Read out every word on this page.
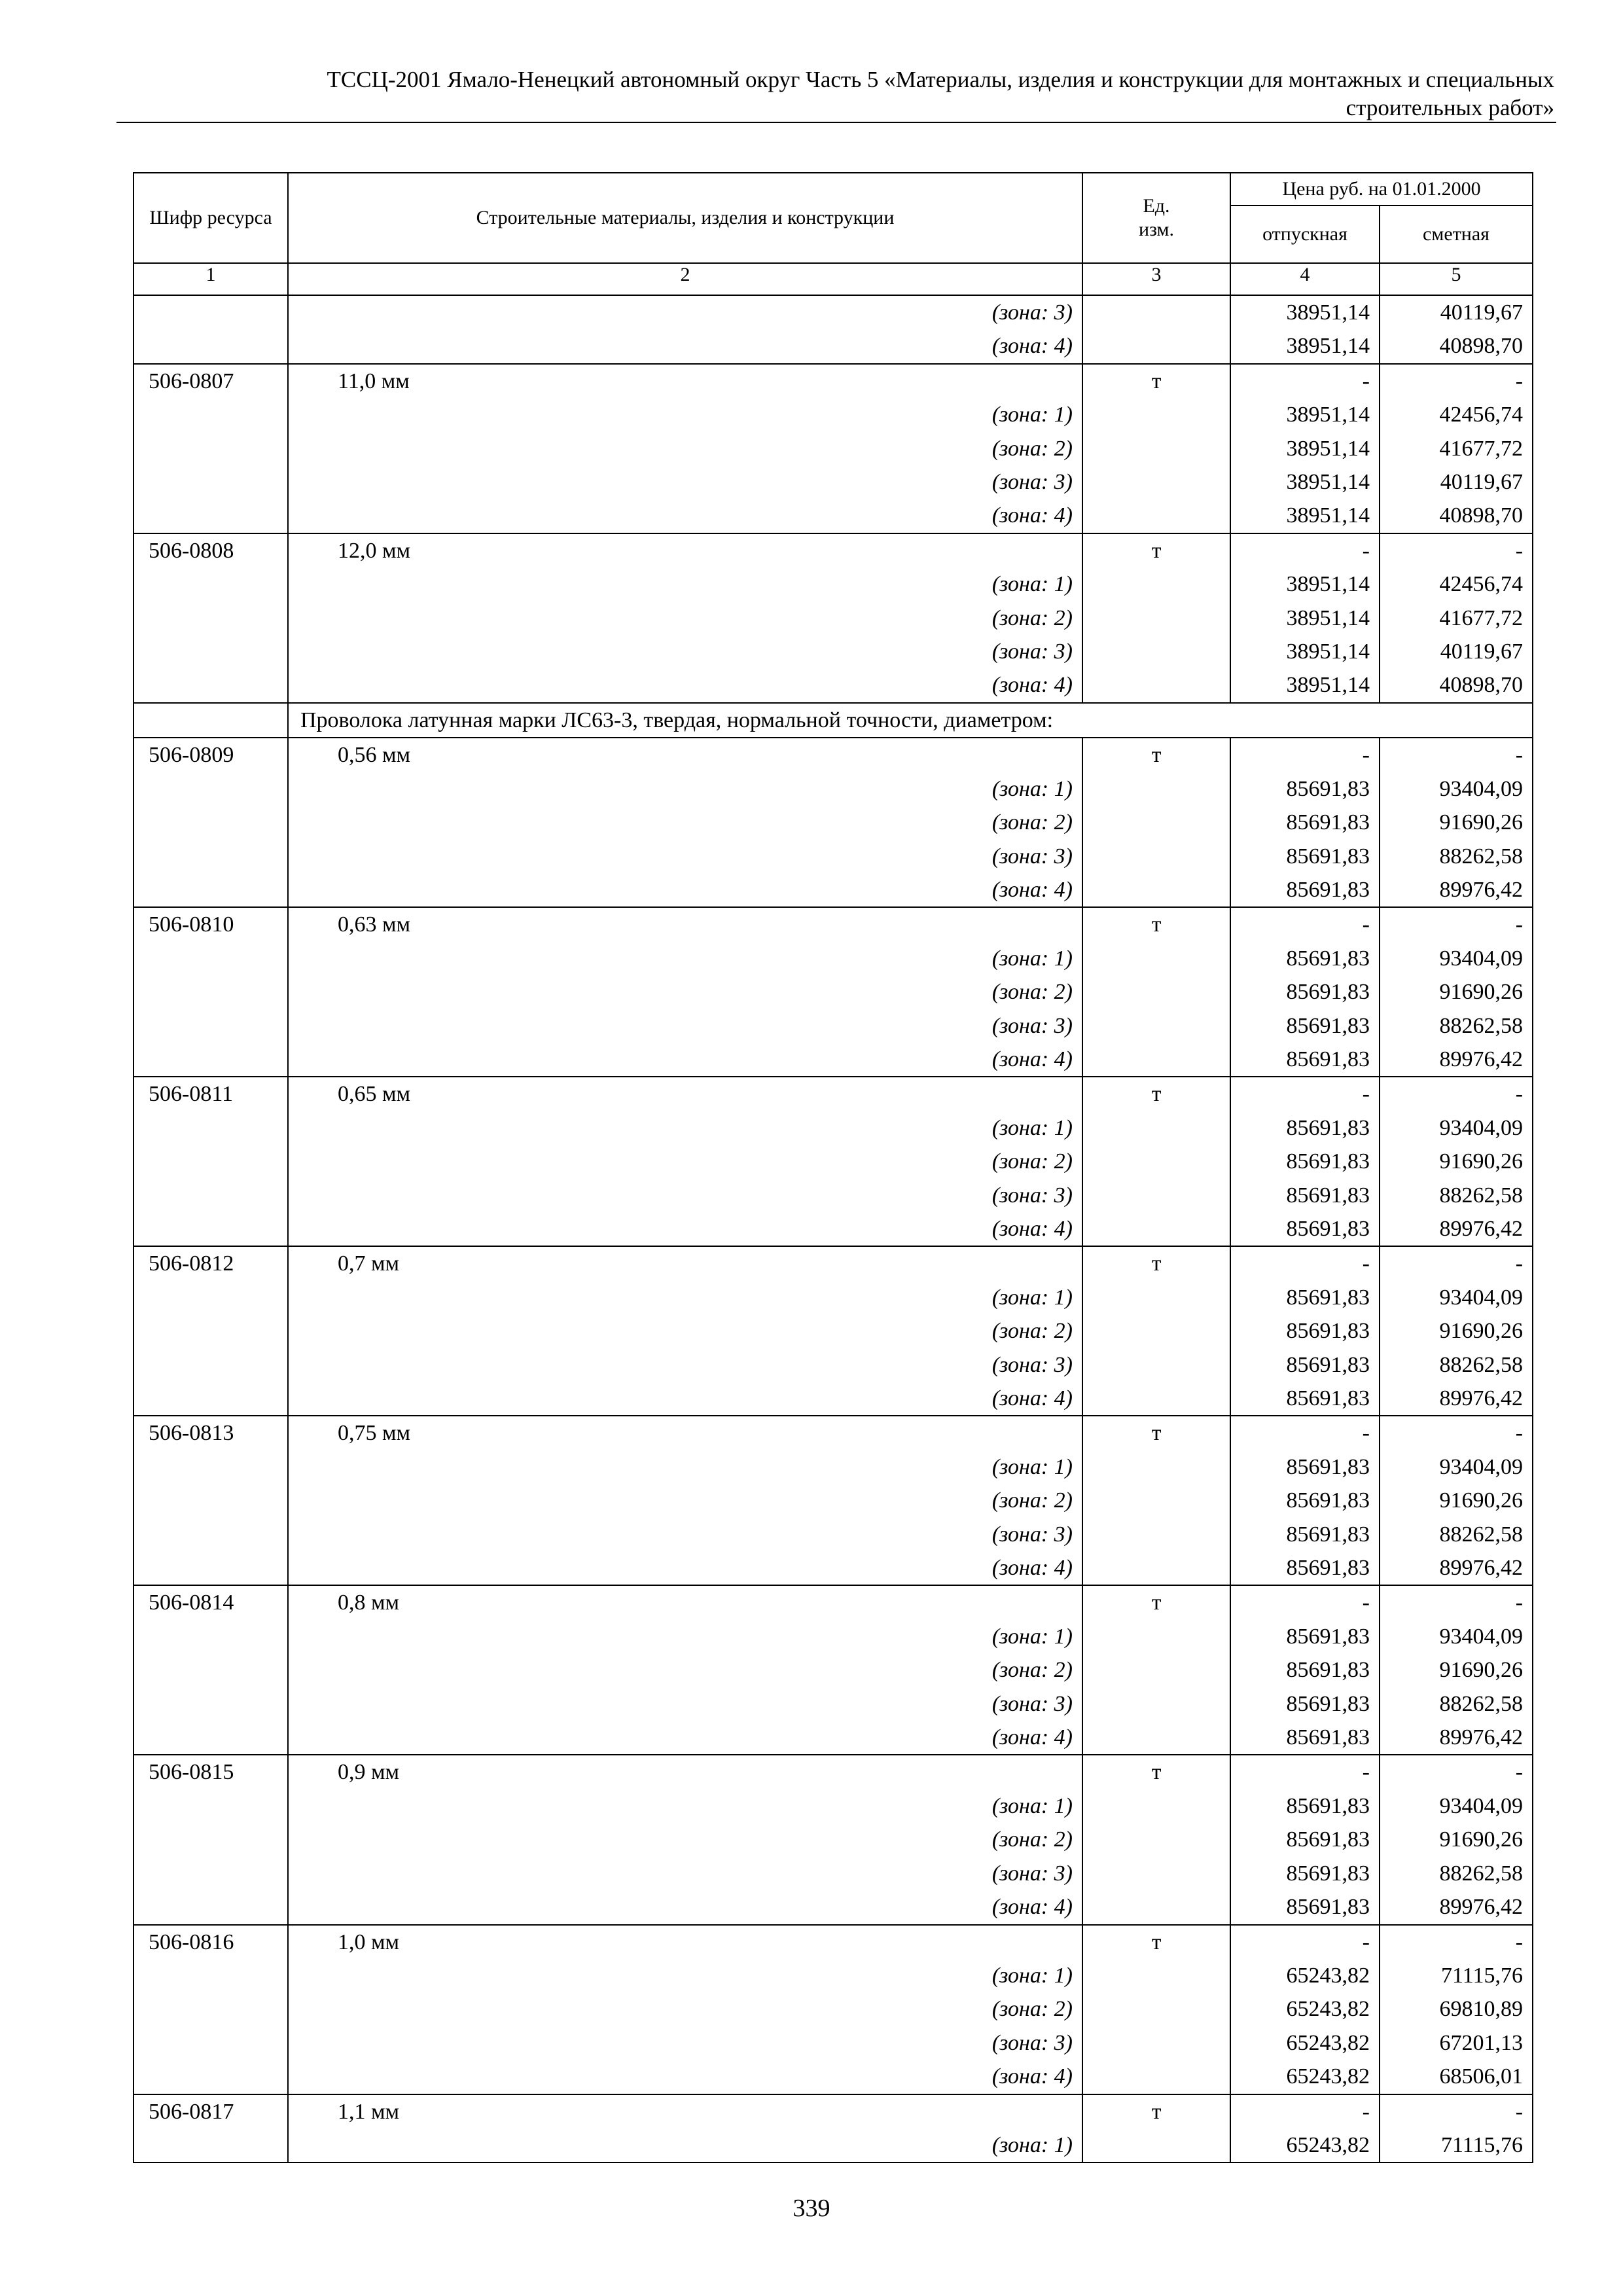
ТССЦ-2001 Ямало-Ненецкий автономный округ Часть 5 «Материалы, изделия и конструкции для монтажных и специальных
строительных работ»
Шифр ресурса	Строительные материалы, изделия и конструкции	Ед. изм.	Цена руб. на 01.01.2000	
			отпускная	сметная
1	2	3	4	5
	(зона: 3)		38951,14	40119,67
	(зона: 4)		38951,14	40898,70
506-0807	11,0 мм	т	-	-
	(зона: 1)		38951,14	42456,74
	(зона: 2)		38951,14	41677,72
	(зона: 3)		38951,14	40119,67
	(зона: 4)		38951,14	40898,70
506-0808	12,0 мм	т	-	-
	(зона: 1)		38951,14	42456,74
	(зона: 2)		38951,14	41677,72
	(зона: 3)		38951,14	40119,67
	(зона: 4)		38951,14	40898,70
	Проволока латунная марки ЛС63-3, твердая, нормальной точности, диаметром:			
506-0809	0,56 мм	т	-	-
	(зона: 1)		85691,83	93404,09
	(зона: 2)		85691,83	91690,26
	(зона: 3)		85691,83	88262,58
	(зона: 4)		85691,83	89976,42
506-0810	0,63 мм	т	-	-
	(зона: 1)		85691,83	93404,09
	(зона: 2)		85691,83	91690,26
	(зона: 3)		85691,83	88262,58
	(зона: 4)		85691,83	89976,42
506-0811	0,65 мм	т	-	-
	(зона: 1)		85691,83	93404,09
	(зона: 2)		85691,83	91690,26
	(зона: 3)		85691,83	88262,58
	(зона: 4)		85691,83	89976,42
506-0812	0,7 мм	т	-	-
	(зона: 1)		85691,83	93404,09
	(зона: 2)		85691,83	91690,26
	(зона: 3)		85691,83	88262,58
	(зона: 4)		85691,83	89976,42
506-0813	0,75 мм	т	-	-
	(зона: 1)		85691,83	93404,09
	(зона: 2)		85691,83	91690,26
	(зона: 3)		85691,83	88262,58
	(зона: 4)		85691,83	89976,42
506-0814	0,8 мм	т	-	-
	(зона: 1)		85691,83	93404,09
	(зона: 2)		85691,83	91690,26
	(зона: 3)		85691,83	88262,58
	(зона: 4)		85691,83	89976,42
506-0815	0,9 мм	т	-	-
	(зона: 1)		85691,83	93404,09
	(зона: 2)		85691,83	91690,26
	(зона: 3)		85691,83	88262,58
	(зона: 4)		85691,83	89976,42
506-0816	1,0 мм	т	-	-
	(зона: 1)		65243,82	71115,76
	(зона: 2)		65243,82	69810,89
	(зона: 3)		65243,82	67201,13
	(зона: 4)		65243,82	68506,01
506-0817	1,1 мм	т	-	-
	(зона: 1)		65243,82	71115,76
339
